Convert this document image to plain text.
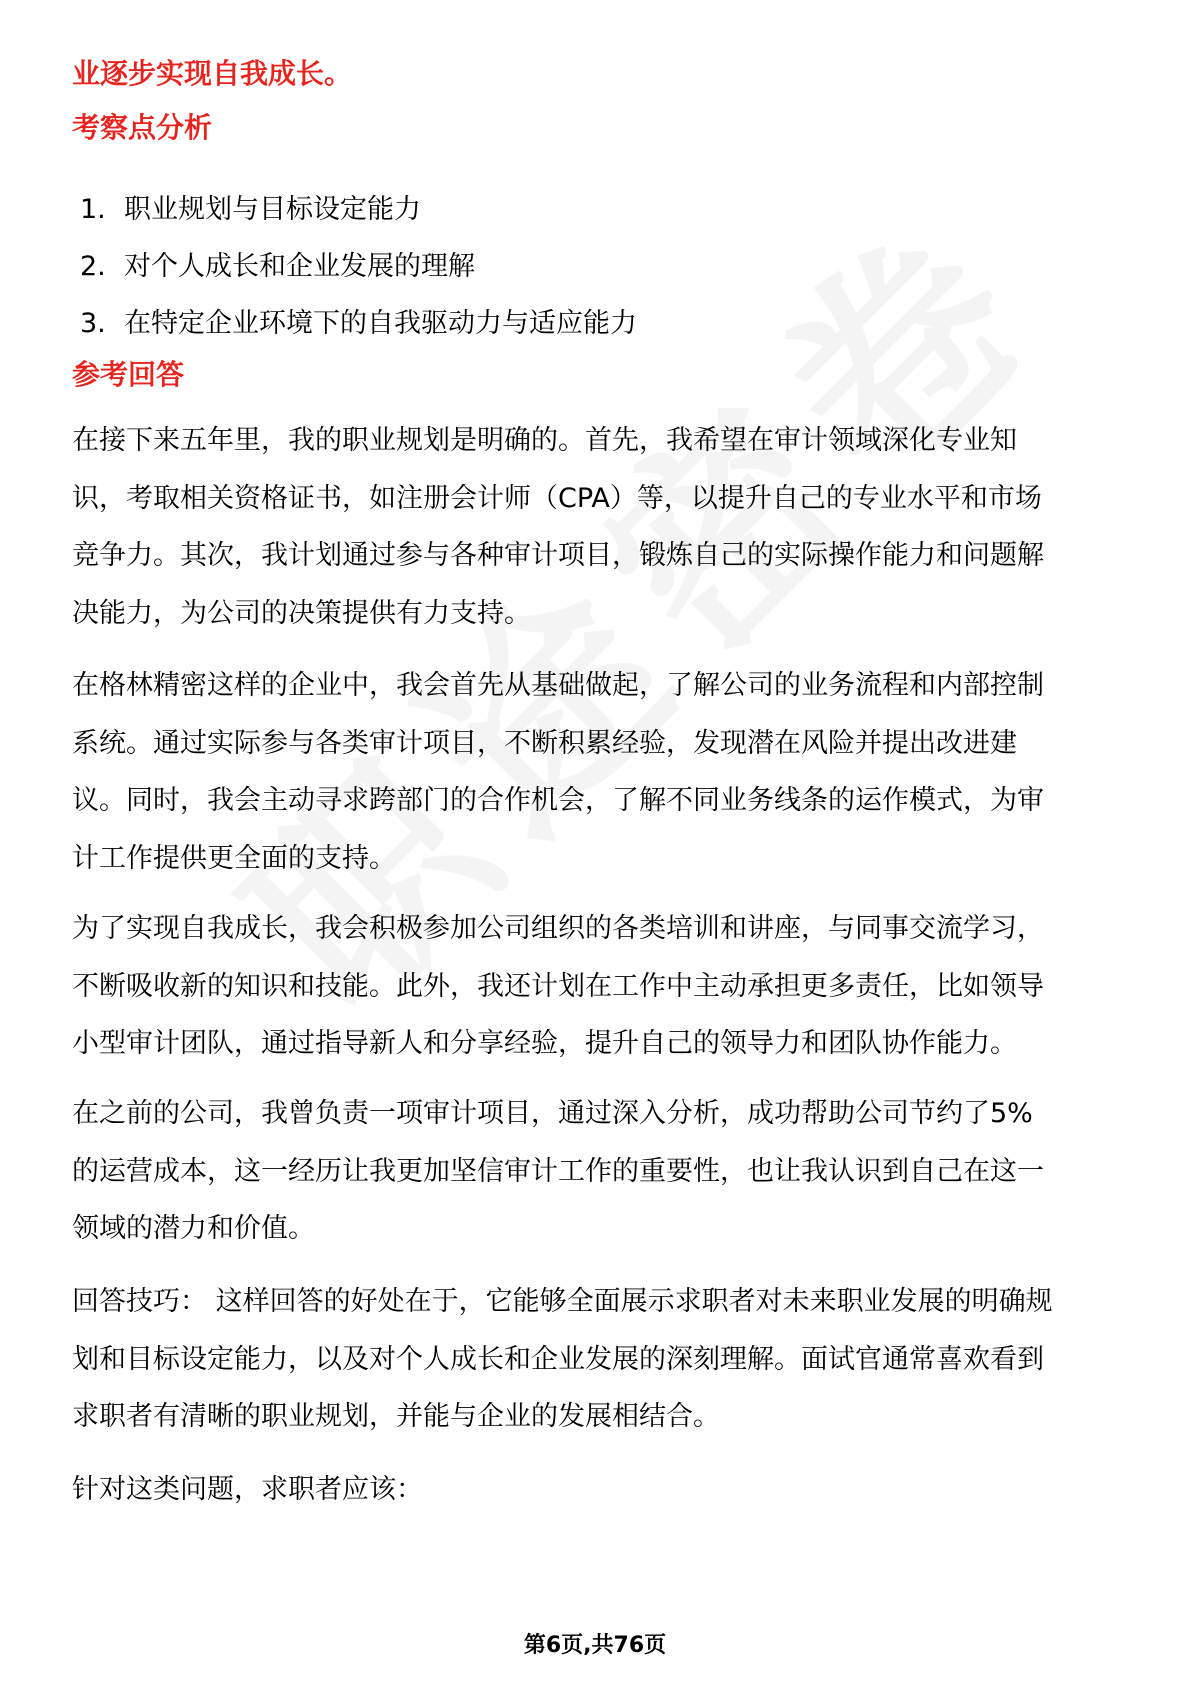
业逐步实现自我成长。

考察点分析

1. 职业规划与目标设定能力
2. 对个人成长和企业发展的理解
3. 在特定企业环境下的自我驱动力与适应能力

参考回答

在接下来五年里，我的职业规划是明确的。首先，我希望在审计领域深化专业知
识，考取相关资格证书，如注册会计师（CPA）等，以提升自己的专业水平和市场
竞争力。其次，我计划通过参与各种审计项目，锻炼自己的实际操作能力和问题解
决能力，为公司的决策提供有力支持。

在格林精密这样的企业中，我会首先从基础做起，了解公司的业务流程和内部控制
系统。通过实际参与各类审计项目，不断积累经验，发现潜在风险并提出改进建
议。同时，我会主动寻求跨部门的合作机会，了解不同业务线条的运作模式，为审
计工作提供更全面的支持。

为了实现自我成长，我会积极参加公司组织的各类培训和讲座，与同事交流学习，
不断吸收新的知识和技能。此外，我还计划在工作中主动承担更多责任，比如领导
小型审计团队，通过指导新人和分享经验，提升自己的领导力和团队协作能力。

在之前的公司，我曾负责一项审计项目，通过深入分析，成功帮助公司节约了5%
的运营成本，这一经历让我更加坚信审计工作的重要性，也让我认识到自己在这一
领域的潜力和价值。

回答技巧： 这样回答的好处在于，它能够全面展示求职者对未来职业发展的明确规
划和目标设定能力，以及对个人成长和企业发展的深刻理解。面试官通常喜欢看到
求职者有清晰的职业规划，并能与企业的发展相结合。

针对这类问题，求职者应该：

第6页,共76页
